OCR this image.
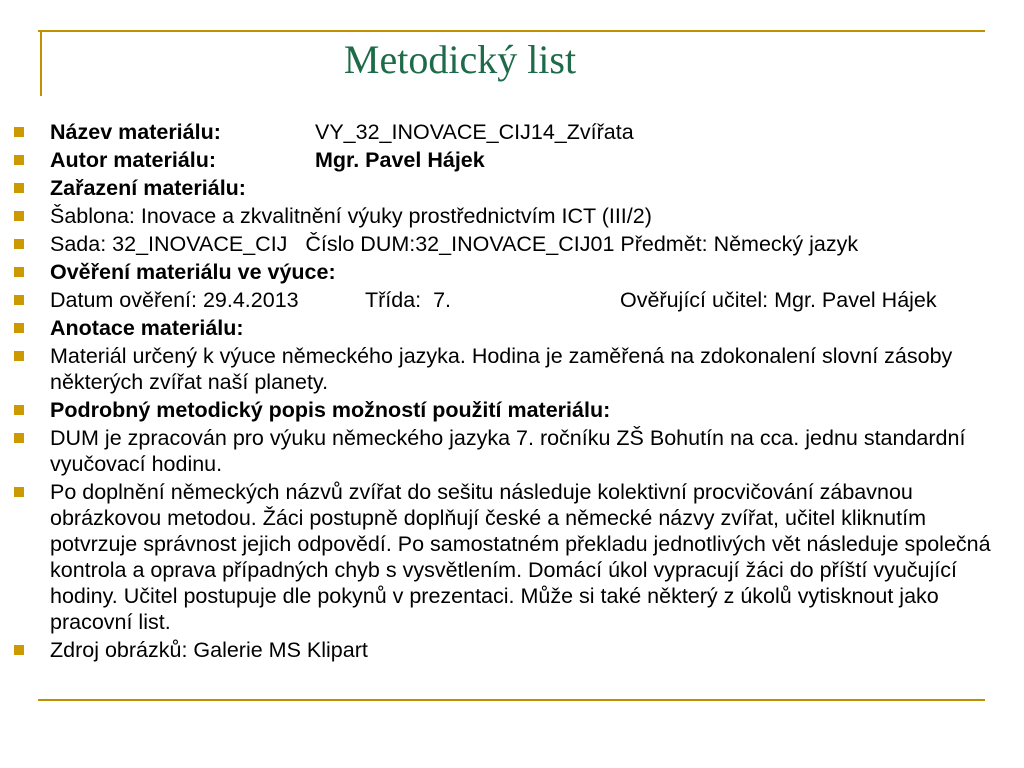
Metodický list
Název materiálu:	VY_32_INOVACE_CIJ14_Zvířata
Autor materiálu:	Mgr. Pavel Hájek
Zařazení materiálu:
Šablona: Inovace a zkvalitnění výuky prostřednictvím ICT (III/2)
Sada: 32_INOVACE_CIJ   Číslo DUM:32_INOVACE_CIJ01 Předmět: Německý jazyk
Ověření materiálu ve výuce:
Datum ověření: 29.4.2013	Třída:  7.	Ověřující učitel: Mgr. Pavel Hájek
Anotace materiálu:
Materiál určený k výuce německého jazyka. Hodina je zaměřená na zdokonalení slovní zásoby některých zvířat naší planety.
Podrobný metodický popis možností použití materiálu:
DUM je zpracován pro výuku německého jazyka 7. ročníku ZŠ Bohutín na cca. jednu standardní vyučovací hodinu.
Po doplnění německých názvů zvířat do sešitu následuje kolektivní procvičování zábavnou obrázkovou metodou. Žáci postupně doplňují české a německé názvy zvířat, učitel kliknutím potvrzuje správnost jejich odpovědí. Po samostatném překladu jednotlivých vět následuje společná kontrola a oprava případných chyb s vysvětlením. Domácí úkol vypracují žáci do příští vyučující hodiny. Učitel postupuje dle pokynů v prezentaci. Může si také některý z úkolů vytisknout jako pracovní list.
Zdroj obrázků: Galerie MS Klipart
